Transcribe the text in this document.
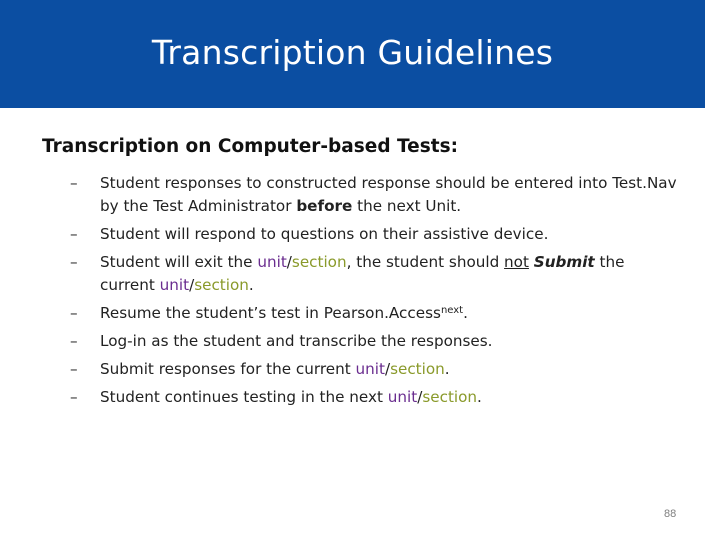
Transcription Guidelines

Transcription on Computer-based Tests:

–	Student responses to constructed response should be entered into Test.Nav by the Test Administrator before the next Unit.
–	Student will respond to questions on their assistive device.
–	Student will exit the unit/section, the student should not Submit the current unit/section.
–	Resume the student’s test in Pearson.Access$^{next}$.
–	Log-in as the student and transcribe the responses.
–	Submit responses for the current unit/section.
–	Student continues testing in the next unit/section.
88
